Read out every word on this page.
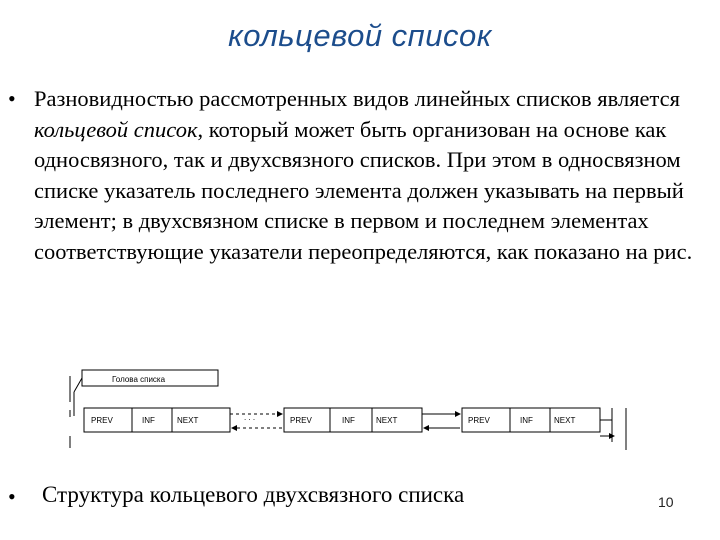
кольцевой список
• Разновидностью рассмотренных видов линейных списков является кольцевой список, который может быть организован на основе как односвязного, так и двухсвязного списков. При этом в односвязном списке указатель последнего элемента должен указывать на первый элемент; в двухсвязном списке в первом и последнем элементах соответствующие указатели переопределяются, как показано на рис.
Голова списка
PREV	INF	NEXT	PREV	INF	NEXT	PREV	INF	NEXT
. . .
• Структура кольцевого двухсвязного списка	10
